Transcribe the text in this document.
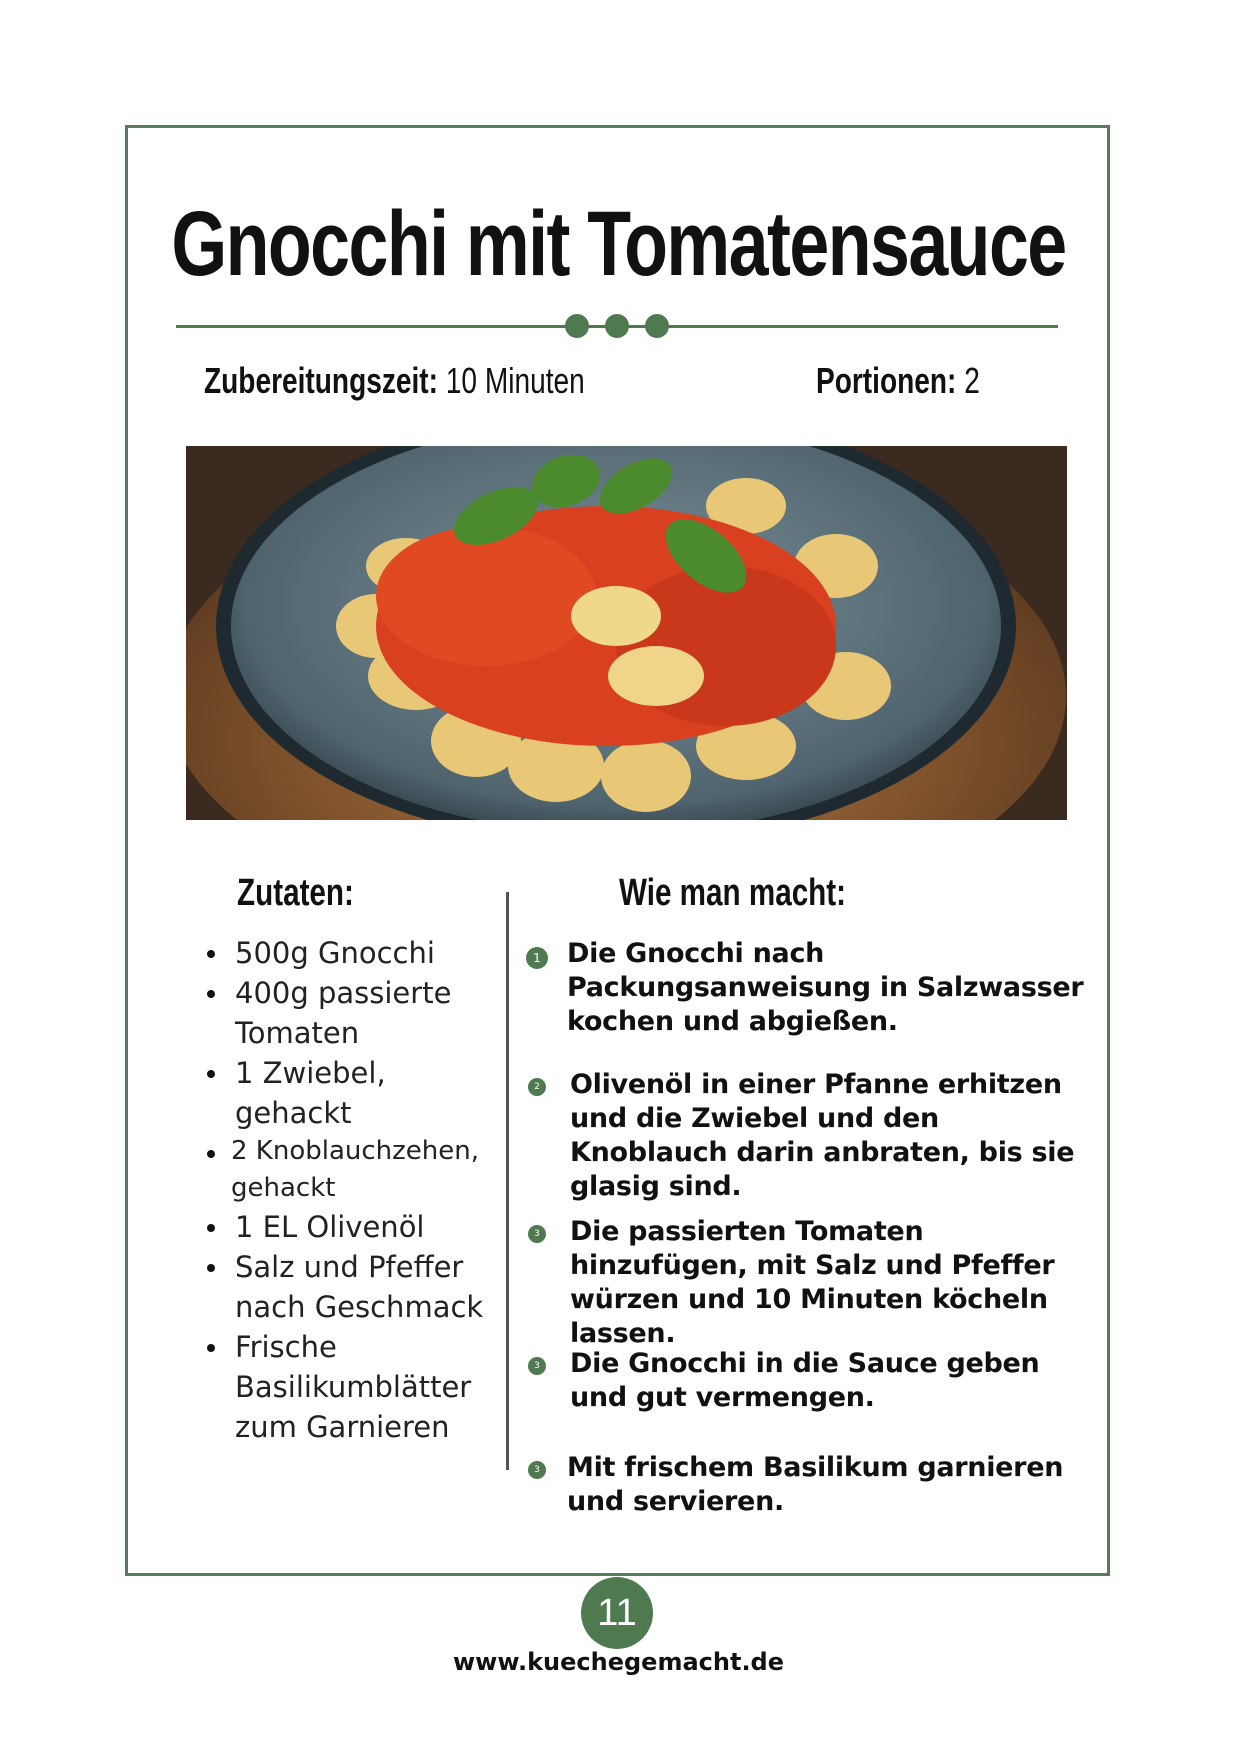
Gnocchi mit Tomatensauce
Zubereitungszeit: 10 Minuten	Portionen: 2
Zutaten:
500g Gnocchi
400g passierte Tomaten
1 Zwiebel, gehackt
2 Knoblauchzehen, gehackt
1 EL Olivenöl
Salz und Pfeffer nach Geschmack
Frische Basilikumblätter zum Garnieren
Wie man macht:
1 Die Gnocchi nach Packungsanweisung in Salzwasser kochen und abgießen.
2 Olivenöl in einer Pfanne erhitzen und die Zwiebel und den Knoblauch darin anbraten, bis sie glasig sind.
3 Die passierten Tomaten hinzufügen, mit Salz und Pfeffer würzen und 10 Minuten köcheln lassen.
3 Die Gnocchi in die Sauce geben und gut vermengen.
3 Mit frischem Basilikum garnieren und servieren.
11
www.kuechegemacht.de
